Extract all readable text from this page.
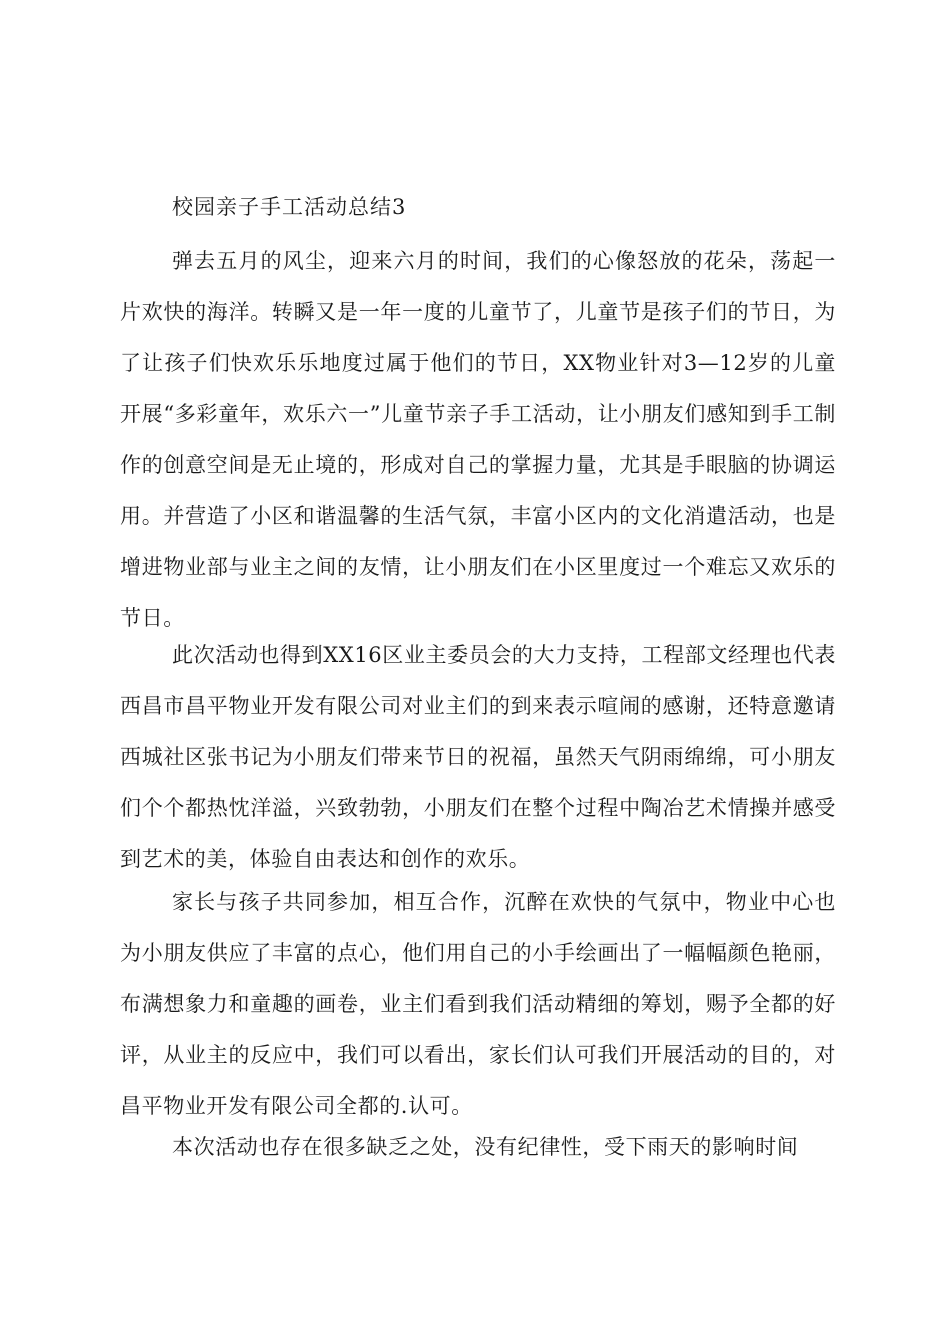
校园亲子手工活动总结3

弹去五月的风尘，迎来六月的时间，我们的心像怒放的花朵，荡起一片欢快的海洋。转瞬又是一年一度的儿童节了，儿童节是孩子们的节日，为了让孩子们快欢乐乐地度过属于他们的节日，XX物业针对3—12岁的儿童开展“多彩童年，欢乐六一”儿童节亲子手工活动，让小朋友们感知到手工制作的创意空间是无止境的，形成对自己的掌握力量，尤其是手眼脑的协调运用。并营造了小区和谐温馨的生活气氛，丰富小区内的文化消遣活动，也是增进物业部与业主之间的友情，让小朋友们在小区里度过一个难忘又欢乐的节日。

此次活动也得到XX16区业主委员会的大力支持，工程部文经理也代表西昌市昌平物业开发有限公司对业主们的到来表示喧闹的感谢，还特意邀请西城社区张书记为小朋友们带来节日的祝福，虽然天气阴雨绵绵，可小朋友们个个都热忱洋溢，兴致勃勃，小朋友们在整个过程中陶冶艺术情操并感受到艺术的美，体验自由表达和创作的欢乐。

家长与孩子共同参加，相互合作，沉醉在欢快的气氛中，物业中心也为小朋友供应了丰富的点心，他们用自己的小手绘画出了一幅幅颜色艳丽，布满想象力和童趣的画卷，业主们看到我们活动精细的筹划，赐予全都的好评，从业主的反应中，我们可以看出，家长们认可我们开展活动的目的，对昌平物业开发有限公司全都的.认可。

本次活动也存在很多缺乏之处，没有纪律性，受下雨天的影响时间
